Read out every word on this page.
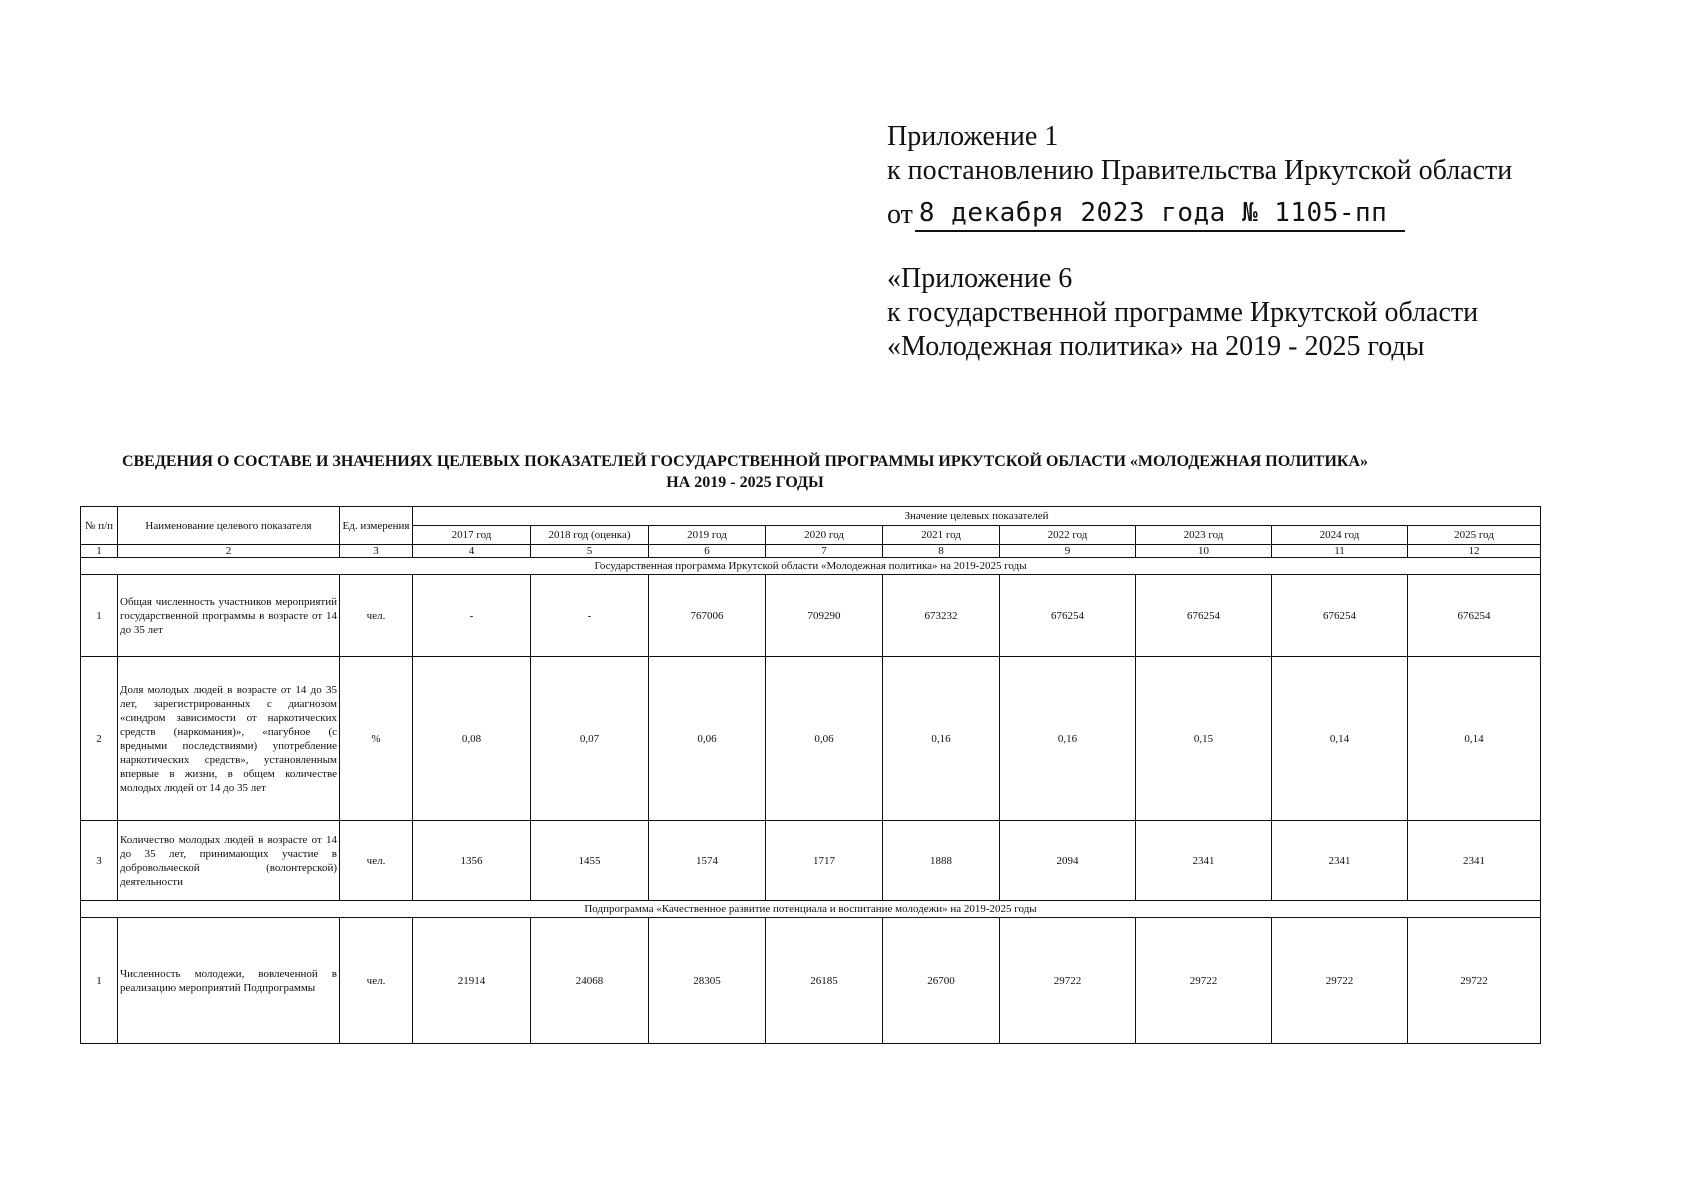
Приложение 1
к постановлению Правительства Иркутской области
от 8 декабря 2023 года № 1105-пп
«Приложение 6
к государственной программе Иркутской области
«Молодежная политика» на 2019 - 2025 годы
СВЕДЕНИЯ О СОСТАВЕ И ЗНАЧЕНИЯХ ЦЕЛЕВЫХ ПОКАЗАТЕЛЕЙ ГОСУДАРСТВЕННОЙ ПРОГРАММЫ ИРКУТСКОЙ ОБЛАСТИ «МОЛОДЕЖНАЯ ПОЛИТИКА»
НА 2019 - 2025 ГОДЫ
№ п/п	Наименование целевого показателя	Ед. измерения	Значение целевых показателей								
			2017 год	2018 год (оценка)	2019 год	2020 год	2021 год	2022 год	2023 год	2024 год	2025 год
1	2	3	4	5	6	7	8	9	10	11	12
Государственная программа Иркутской области «Молодежная политика» на 2019-2025 годы											
1	Общая численность участников мероприятий государственной программы в возрасте от 14 до 35 лет	чел.	-	-	767006	709290	673232	676254	676254	676254	676254
2	Доля молодых людей в возрасте от 14 до 35 лет, зарегистрированных с диагнозом «синдром зависимости от наркотических средств (наркомания)», «пагубное (с вредными последствиями) употребление наркотических средств», установленным впервые в жизни, в общем количестве молодых людей от 14 до 35 лет	%	0,08	0,07	0,06	0,06	0,16	0,16	0,15	0,14	0,14
3	Количество молодых людей в возрасте от 14 до 35 лет, принимающих участие в добровольческой (волонтерской) деятельности	чел.	1356	1455	1574	1717	1888	2094	2341	2341	2341
Подпрограмма «Качественное развитие потенциала и воспитание молодежи» на 2019-2025 годы											
1	Численность молодежи, вовлеченной в реализацию мероприятий Подпрограммы	чел.	21914	24068	28305	26185	26700	29722	29722	29722	29722
